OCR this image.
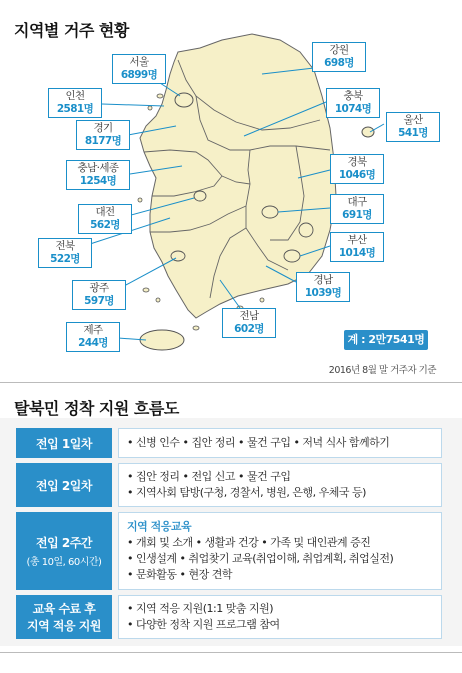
지역별 거주 현황
서울
6899명
인천
2581명
경기
8177명
충남·세종
1254명
대전
562명
전북
522명
광주
597명
제주
244명
전남
602명
강원
698명
충북
1074명
울산
541명
경북
1046명
대구
691명
부산
1014명
경남
1039명
계 : 2만7541명
2016년 8월 말 거주자 기준
탈북민 정착 지원 흐름도
전입 1일차	• 신병 인수 • 집안 정리 • 물건 구입 • 저녁 식사 함께하기
전입 2일차
• 집안 정리 • 전입 신고 • 물건 구입
• 지역사회 탐방(구청, 경찰서, 병원, 은행, 우체국 등)
전입 2주간
(총 10일, 60시간)
지역 적응교육
• 개회 및 소개 • 생활과 건강 • 가족 및 대인관계 증진
• 인생설계 • 취업찾기 교육(취업이해, 취업계획, 취업실전)
• 문화활동 • 현장 견학
교육 수료 후
지역 적응 지원
• 지역 적응 지원(1:1 맞춤 지원)
• 다양한 정착 지원 프로그램 참여
